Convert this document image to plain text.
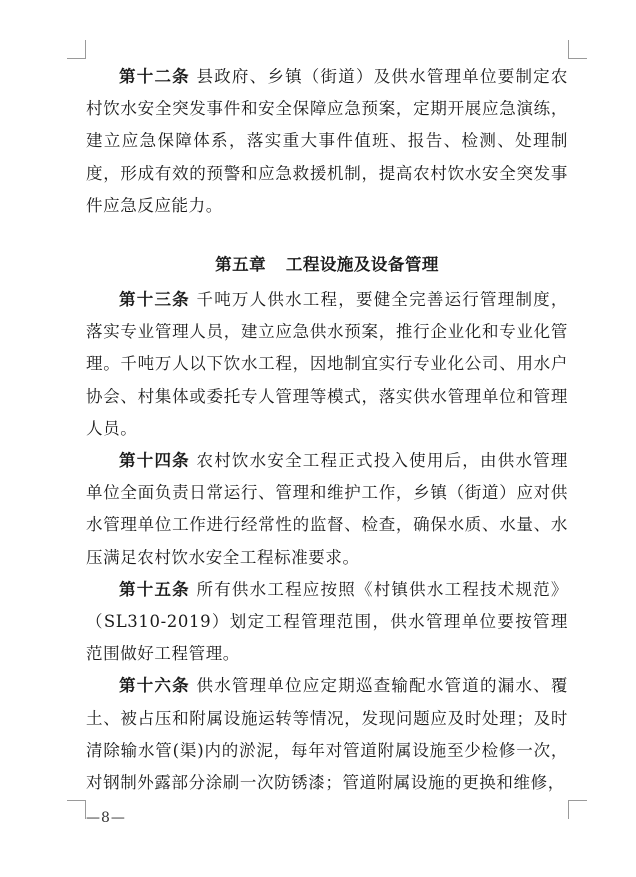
第十二条 县政府、乡镇（街道）及供水管理单位要制定农村饮水安全突发事件和安全保障应急预案，定期开展应急演练，建立应急保障体系，落实重大事件值班、报告、检测、处理制度，形成有效的预警和应急救援机制，提高农村饮水安全突发事件应急反应能力。

第五章 工程设施及设备管理

第十三条 千吨万人供水工程，要健全完善运行管理制度，落实专业管理人员，建立应急供水预案，推行企业化和专业化管理。千吨万人以下饮水工程，因地制宜实行专业化公司、用水户协会、村集体或委托专人管理等模式，落实供水管理单位和管理人员。

第十四条 农村饮水安全工程正式投入使用后，由供水管理单位全面负责日常运行、管理和维护工作，乡镇（街道）应对供水管理单位工作进行经常性的监督、检查，确保水质、水量、水压满足农村饮水安全工程标准要求。

第十五条 所有供水工程应按照《村镇供水工程技术规范》（SL310-2019）划定工程管理范围，供水管理单位要按管理范围做好工程管理。

第十六条 供水管理单位应定期巡查输配水管道的漏水、覆土、被占压和附属设施运转等情况，发现问题应及时处理；及时清除输水管(渠)内的淤泥，每年对管道附属设施至少检修一次，对钢制外露部分涂刷一次防锈漆；管道附属设施的更换和维修，

—8—
